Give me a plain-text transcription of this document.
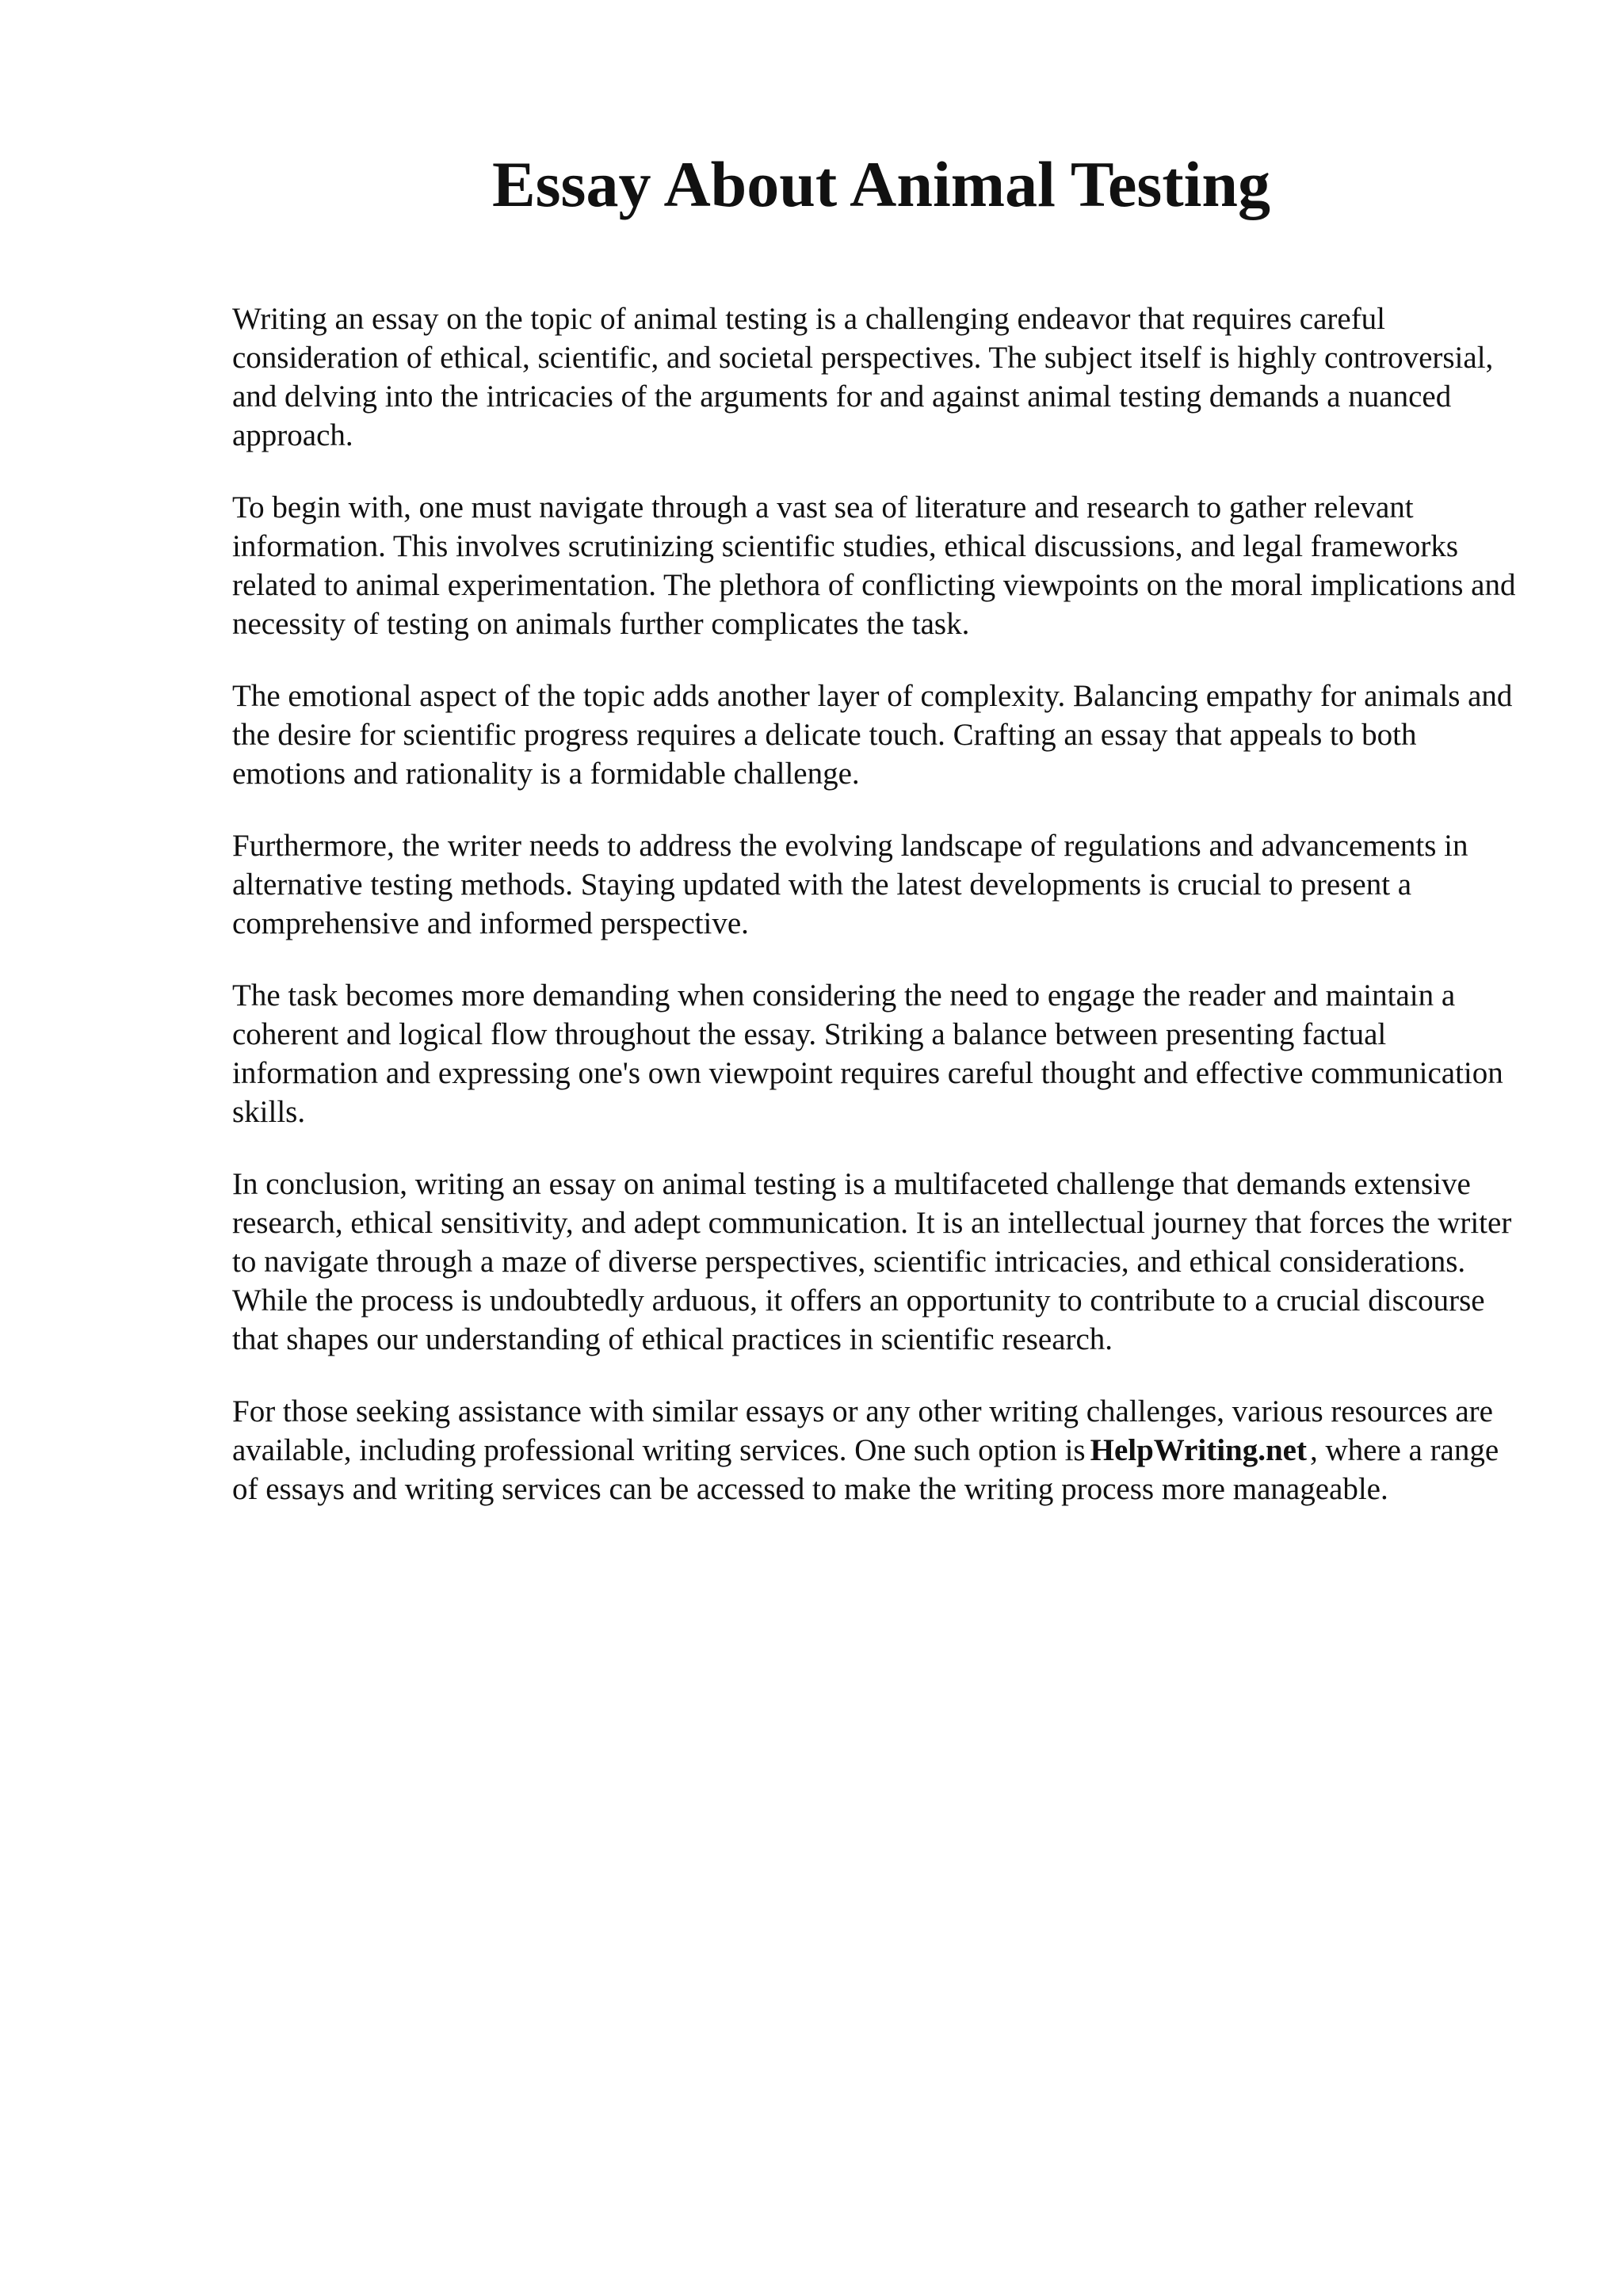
Essay About Animal Testing

Writing an essay on the topic of animal testing is a challenging endeavor that requires careful consideration of ethical, scientific, and societal perspectives. The subject itself is highly controversial, and delving into the intricacies of the arguments for and against animal testing demands a nuanced approach.

To begin with, one must navigate through a vast sea of literature and research to gather relevant information. This involves scrutinizing scientific studies, ethical discussions, and legal frameworks related to animal experimentation. The plethora of conflicting viewpoints on the moral implications and necessity of testing on animals further complicates the task.

The emotional aspect of the topic adds another layer of complexity. Balancing empathy for animals and the desire for scientific progress requires a delicate touch. Crafting an essay that appeals to both emotions and rationality is a formidable challenge.

Furthermore, the writer needs to address the evolving landscape of regulations and advancements in alternative testing methods. Staying updated with the latest developments is crucial to present a comprehensive and informed perspective.

The task becomes more demanding when considering the need to engage the reader and maintain a coherent and logical flow throughout the essay. Striking a balance between presenting factual information and expressing one's own viewpoint requires careful thought and effective communication skills.

In conclusion, writing an essay on animal testing is a multifaceted challenge that demands extensive research, ethical sensitivity, and adept communication. It is an intellectual journey that forces the writer to navigate through a maze of diverse perspectives, scientific intricacies, and ethical considerations. While the process is undoubtedly arduous, it offers an opportunity to contribute to a crucial discourse that shapes our understanding of ethical practices in scientific research.

For those seeking assistance with similar essays or any other writing challenges, various resources are available, including professional writing services. One such option is HelpWriting.net , where a range of essays and writing services can be accessed to make the writing process more manageable.
